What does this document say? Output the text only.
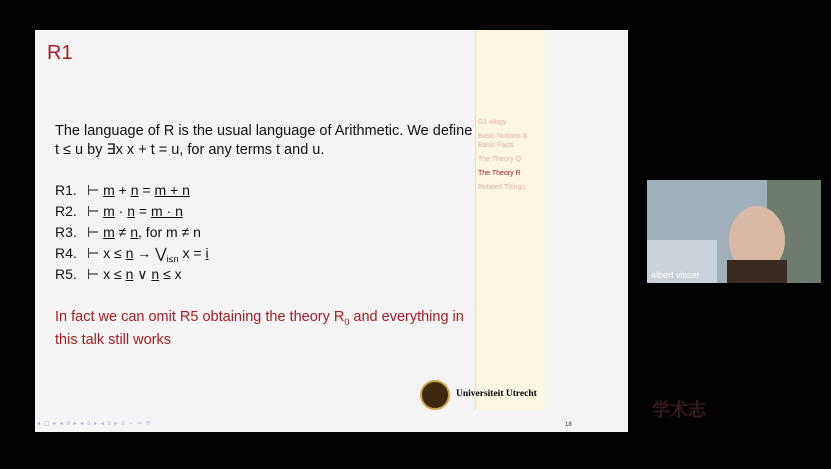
R1
G1-ology
Basic Notions & Basic Facts
The Theory Q
The Theory R
Related Things
The language of R is the usual language of Arithmetic. We define
t ≤ u by ∃x x + t = u, for any terms t and u.
R1. ⊢ m + n = m + n
R2. ⊢ m · n = m · n
R3. ⊢ m ≠ n, for m ≠ n
R4. ⊢ $x \le n \to ⋁_{i\le n}$ x = i
R5. ⊢ x ≤ n ∨ n ≤ x
In fact we can omit R5 obtaining the theory $R_0$ and everything in this talk still works
Universiteit Utrecht
◂ ▢ ▸ ◂ ≡ ▸ ◂ ≡ ▸ ◂ ≡ ▸ ≡ ∽ ∾ ⟳	18
albert visser
学术志
